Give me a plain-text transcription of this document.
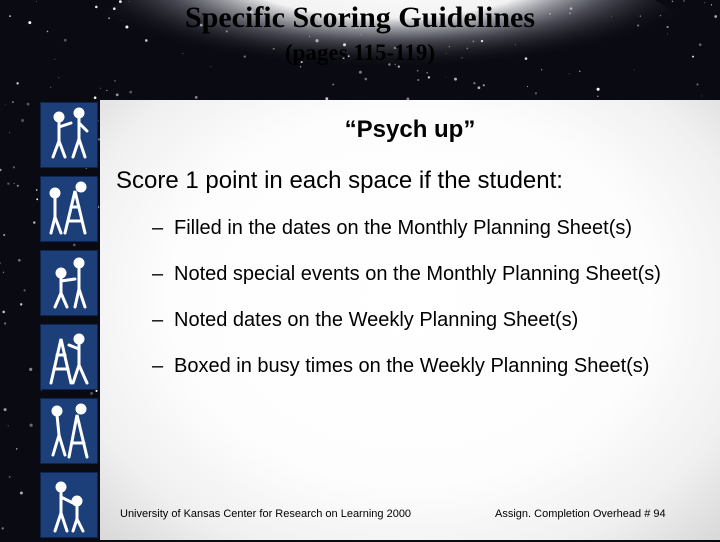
Specific Scoring Guidelines
(pages 115-119)
“Psych up”
Score 1 point in each space if the student:
– Filled in the dates on the Monthly Planning Sheet(s)
– Noted special events on the Monthly Planning Sheet(s)
– Noted dates on the Weekly Planning Sheet(s)
– Boxed in busy times on the Weekly Planning Sheet(s)
University of Kansas Center for Research on Learning 2000	Assign. Completion Overhead # 94
